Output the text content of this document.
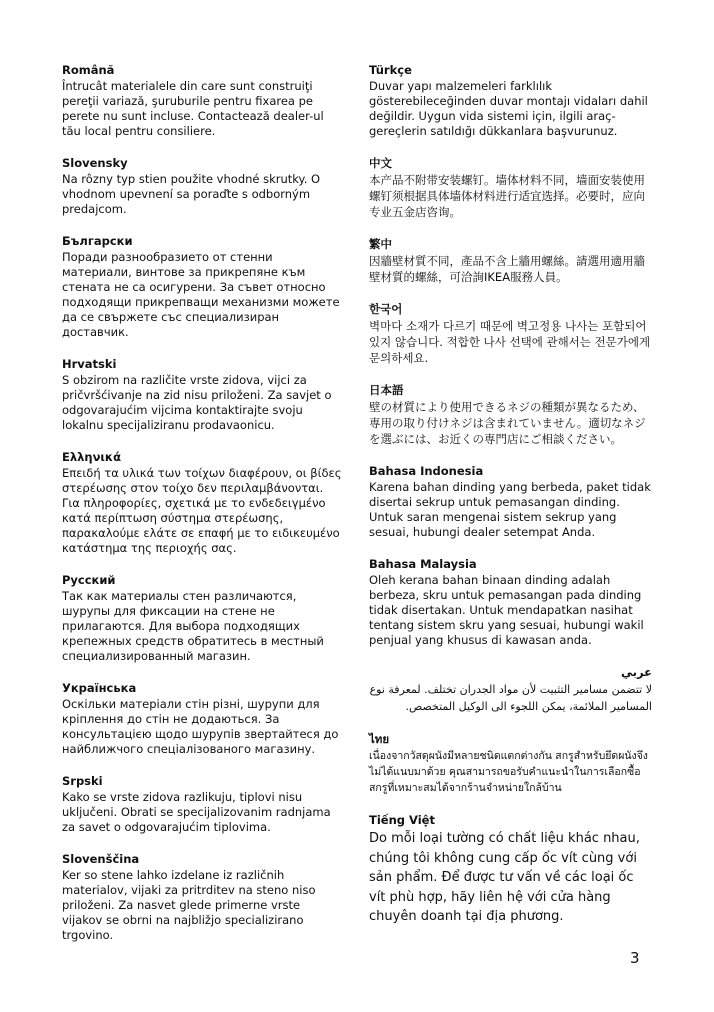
Română

Întrucât materialele din care sunt construiţi pereţii variază, şuruburile pentru fixarea pe perete nu sunt incluse. Contactează dealer-ul tău local pentru consiliere.

Slovensky

Na rôzny typ stien použite vhodné skrutky. O vhodnom upevnení sa poraďte s odborným predajcom.

Български

Поради разнообразието от стенни материали, винтове за прикрепяне към стената не са осигурени. За съвет относно подходящи прикрепващи механизми можете да се свържете със специализиран доставчик.

Hrvatski

S obzirom na različite vrste zidova, vijci za pričvršćivanje na zid nisu priloženi. Za savjet o odgovarajućim vijcima kontaktirajte svoju lokalnu specijaliziranu prodavaonicu.

Ελληνικά

Επειδή τα υλικά των τοίχων διαφέρουν, οι βίδες στερέωσης στον τοίχο δεν περιλαμβάνονται. Για πληροφορίες, σχετικά με το ενδεδειγμένο κατά περίπτωση σύστημα στερέωσης, παρακαλούμε ελάτε σε επαφή με το ειδικευμένο κατάστημα της περιοχής σας.

Русский

Так как материалы стен различаются, шурупы для фиксации на стене не прилагаются. Для выбора подходящих крепежных средств обратитесь в местный специализированный магазин.

Українська

Оскільки матеріали стін різні, шурупи для кріплення до стін не додаються. За консультацією щодо шурупів звертайтеся до найближчого спеціалізованого магазину.

Srpski

Kako se vrste zidova razlikuju, tiplovi nisu uključeni. Obrati se specijalizovanim radnjama za savet o odgovarajućim tiplovima.

Slovenščina

Ker so stene lahko izdelane iz različnih materialov, vijaki za pritrditev na steno niso priloženi. Za nasvet glede primerne vrste vijakov se obrni na najbližjo specializirano trgovino.

Türkçe

Duvar yapı malzemeleri farklılık gösterebileceğinden duvar montajı vidaları dahil değildir. Uygun vida sistemi için, ilgili araç-gereçlerin satıldığı dükkanlara başvurunuz.

中文

本产品不附带安装螺钉。墙体材料不同，墙面安装使用螺钉须根据具体墙体材料进行适宜选择。必要时，应向专业五金店咨询。

繁中

因牆壁材質不同，產品不含上牆用螺絲。請選用適用牆壁材質的螺絲，可洽詢IKEA服務人員。

한국어

벽마다 소재가 다르기 때문에 벽고정용 나사는 포함되어 있지 않습니다. 적합한 나사 선택에 관해서는 전문가에게 문의하세요.

日本語

壁の材質により使用できるネジの種類が異なるため、専用の取り付けネジは含まれていません。適切なネジを選ぶには、お近くの専門店にご相談ください。

Bahasa Indonesia

Karena bahan dinding yang berbeda, paket tidak disertai sekrup untuk pemasangan dinding. Untuk saran mengenai sistem sekrup yang sesuai, hubungi dealer setempat Anda.

Bahasa Malaysia

Oleh kerana bahan binaan dinding adalah berbeza, skru untuk pemasangan pada dinding tidak disertakan. Untuk mendapatkan nasihat tentang sistem skru yang sesuai, hubungi wakil penjual yang khusus di kawasan anda.

عربي

لا تتضمن مسامير التثبيت لأن مواد الجدران تختلف. لمعرفة نوع المسامير الملائمة، يمكن اللجوء الى الوكيل المتخصص.

ไทย

เนื่องจากวัสดุผนังมีหลายชนิดแตกต่างกัน สกรูสำหรับยึดผนังจึงไม่ได้แนบมาด้วย คุณสามารถขอรับคำแนะนำในการเลือกซื้อสกรูที่เหมาะสมได้จากร้านจำหน่ายใกล้บ้าน

Tiếng Việt

Do mỗi loại tường có chất liệu khác nhau, chúng tôi không cung cấp ốc vít cùng với sản phẩm. Để được tư vấn về các loại ốc vít phù hợp, hãy liên hệ với cửa hàng chuyên doanh tại địa phương.

3
